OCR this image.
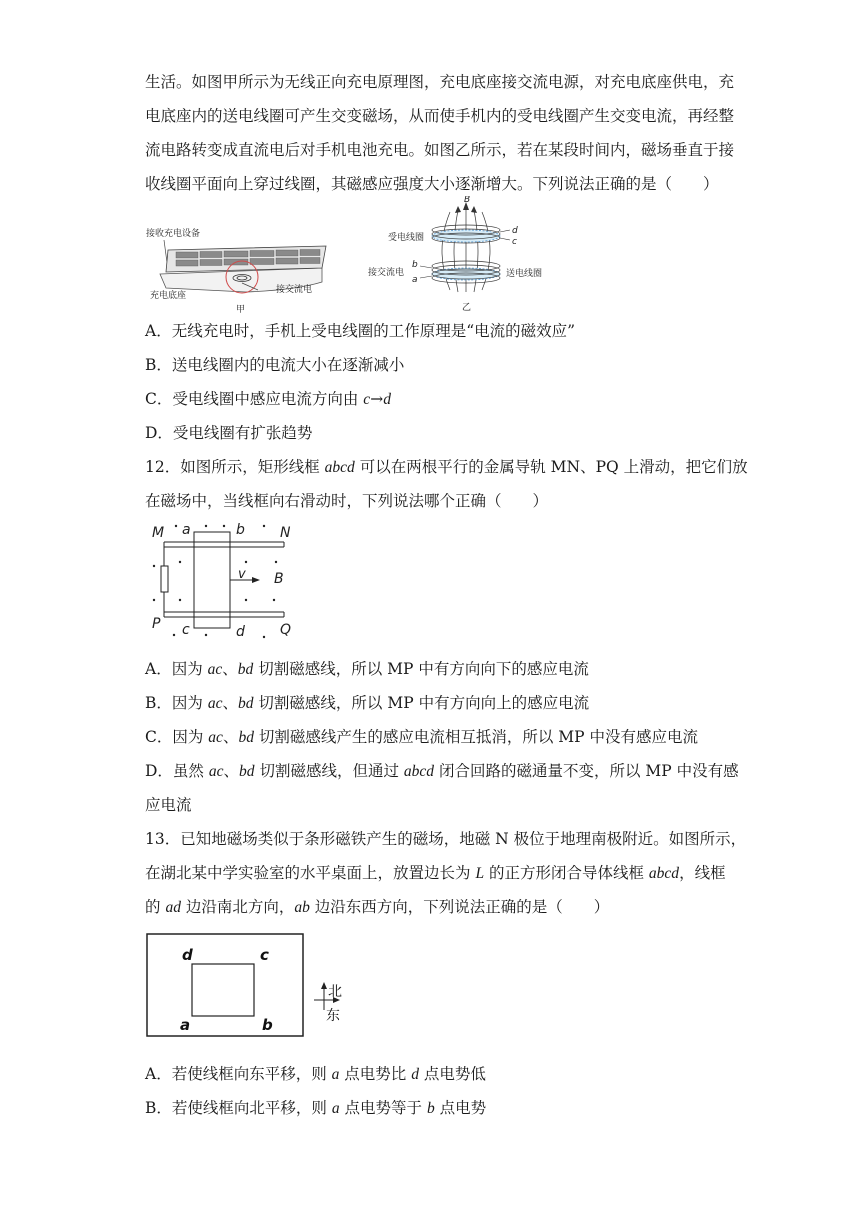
生活。如图甲所示为无线正向充电原理图，充电底座接交流电源，对充电底座供电，充
电底座内的送电线圈可产生交变磁场，从而使手机内的受电线圈产生交变电流，再经整
流电路转变成直流电后对手机电池充电。如图乙所示，若在某段时间内，磁场垂直于接
收线圈平面向上穿过线圈，其磁感应强度大小逐渐增大。下列说法正确的是（　　）
接收充电设备
充电底座
接交流电
甲
B
d
c
受电线圈
b
a
接交流电	送电线圈
乙
A．无线充电时，手机上受电线圈的工作原理是“电流的磁效应”
B．送电线圈内的电流大小在逐渐减小
C．受电线圈中感应电流方向由 c→d
D．受电线圈有扩张趋势
12．如图所示，矩形线框 abcd 可以在两根平行的金属导轨 MN、PQ 上滑动，把它们放
在磁场中，当线框向右滑动时，下列说法哪个正确（　　）
M a	b	N
v B
P c	d	Q
A．因为 ac、bd 切割磁感线，所以 MP 中有方向向下的感应电流
B．因为 ac、bd 切割磁感线，所以 MP 中有方向向上的感应电流
C．因为 ac、bd 切割磁感线产生的感应电流相互抵消，所以 MP 中没有感应电流
D．虽然 ac、bd 切割磁感线，但通过 abcd 闭合回路的磁通量不变，所以 MP 中没有感
应电流
13．已知地磁场类似于条形磁铁产生的磁场，地磁 N 极位于地理南极附近。如图所示，
在湖北某中学实验室的水平桌面上，放置边长为 L 的正方形闭合导体线框 abcd，线框
的 ad 边沿南北方向，ab 边沿东西方向，下列说法正确的是（　　）
d	c
a	b
北
东
A．若使线框向东平移，则 a 点电势比 d 点电势低
B．若使线框向北平移，则 a 点电势等于 b 点电势
